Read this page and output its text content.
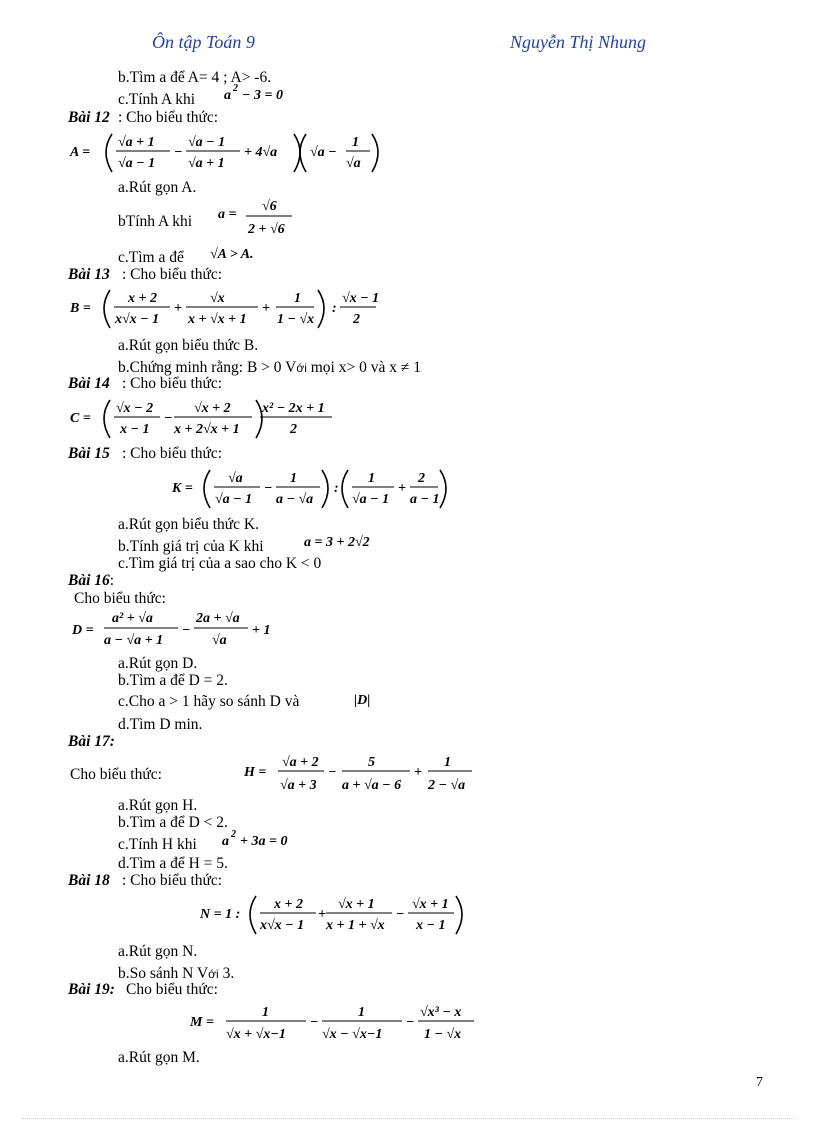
Ôn tập Toán 9	Nguyễn Thị Nhung
b.Tìm a để A= 4 ; A> -6.
c.Tính A khi a 2 − 3 = 0
Bài 12 : Cho biểu thức:
A =
√a + 1
√a − 1
−
√a − 1
√a + 1
+ 4√a √a −
1
√a
a.Rút gọn A.
bTính A khi a =
√6
2 + √6
c.Tìm a để √A > A.
Bài 13 : Cho biểu thức:
B =
x + 2
x√x − 1
+
√x
x + √x + 1
+
1
1 − √x
:
√x − 1
2
a.Rút gọn biểu thức B.
b.Chứng minh rằng: B > 0 Với mọi x> 0 và x ≠ 1
Bài 14 : Cho biểu thức:
C =
√x − 2
x − 1
−
√x + 2
x + 2√x + 1
x² − 2x + 1
2
Bài 15 : Cho biểu thức:
K =
√a
√a − 1
−
1
a − √a
:
1
√a − 1
+
2
a − 1
a.Rút gọn biểu thức K.
b.Tính giá trị của K khi	a = 3 + 2√2
c.Tìm giá trị của a sao cho K < 0
Bài 16:
Cho biểu thức:
D =
a² + √a
a − √a + 1
−
2a + √a
√a
+ 1
a.Rút gọn D.
b.Tìm a để D = 2.
c.Cho a > 1 hãy so sánh D và	|D|
d.Tìm D min.
Bài 17:
Cho biểu thức:	H =
√a + 2
√a + 3
−
5
a + √a − 6
+
1
2 − √a
a.Rút gọn H.
b.Tìm a để D < 2.
c.Tính H khi a 2 + 3a = 0
d.Tìm a để H = 5.
Bài 18 : Cho biểu thức:
N = 1 :
x + 2
x√x − 1
+
√x + 1
x + 1 + √x
−
√x + 1
x − 1
a.Rút gọn N.
b.So sánh N Với 3.
Bài 19: Cho biểu thức:
M =
1
√x + √x−1
−
1
√x − √x−1
−
√x³ − x
1 − √x
a.Rút gọn M.
7
